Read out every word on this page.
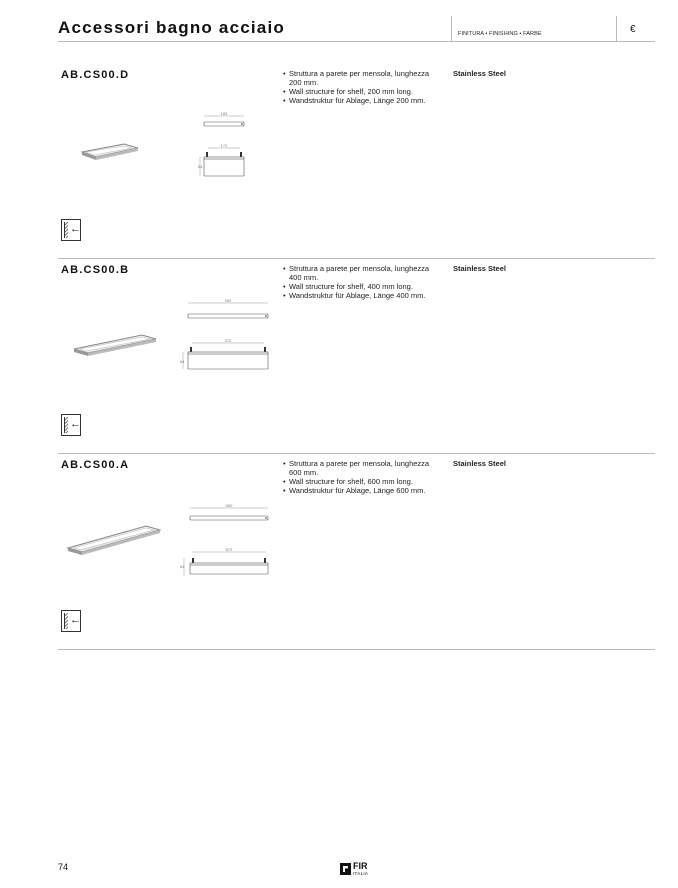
Accessori bagno acciaio	FINITURA • FINISHING • FARBE	€
AB.CS00.D	• Struttura a parete per mensola, lunghezza 200 mm.
• Wall structure for shelf, 200 mm long.
• Wandstruktur für Ablage, Länge 200 mm.
Stainless Steel
183
172
64
←
AB.CS00.B	• Struttura a parete per mensola, lunghezza 400 mm.
• Wall structure for shelf, 400 mm long.
• Wandstruktur für Ablage, Länge 400 mm.
Stainless Steel
392
372
64
←
AB.CS00.A	• Struttura a parete per mensola, lunghezza 600 mm.
• Wall structure for shelf, 600 mm long.
• Wandstruktur für Ablage, Länge 600 mm.
Stainless Steel
590
572
64
←
74	FIR
ITALIA
